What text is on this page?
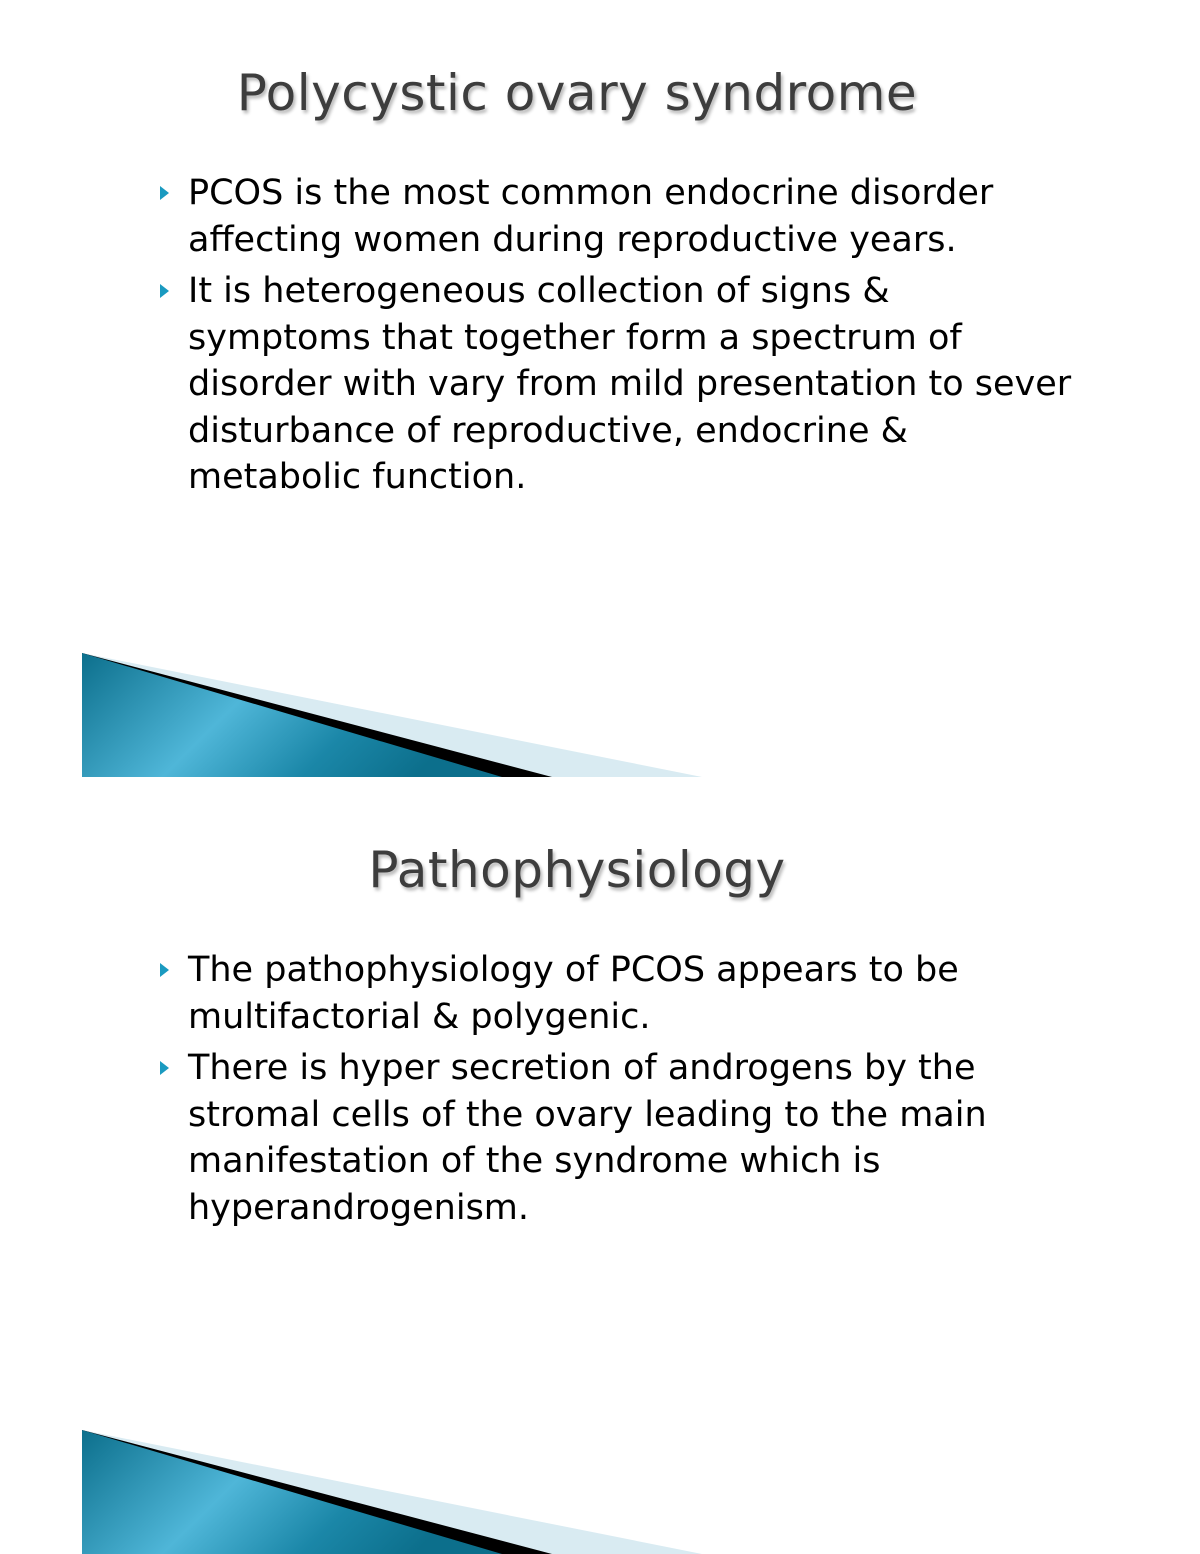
Polycystic ovary syndrome
PCOS is the most common endocrine disorder affecting women during reproductive years.
It is heterogeneous collection of signs & symptoms that together form a spectrum of disorder with vary from mild presentation to sever disturbance of reproductive, endocrine & metabolic function.
Pathophysiology
The pathophysiology of PCOS appears to be multifactorial & polygenic.
There is hyper secretion of androgens by the stromal cells of the ovary leading to the main manifestation of the syndrome which is hyperandrogenism.
